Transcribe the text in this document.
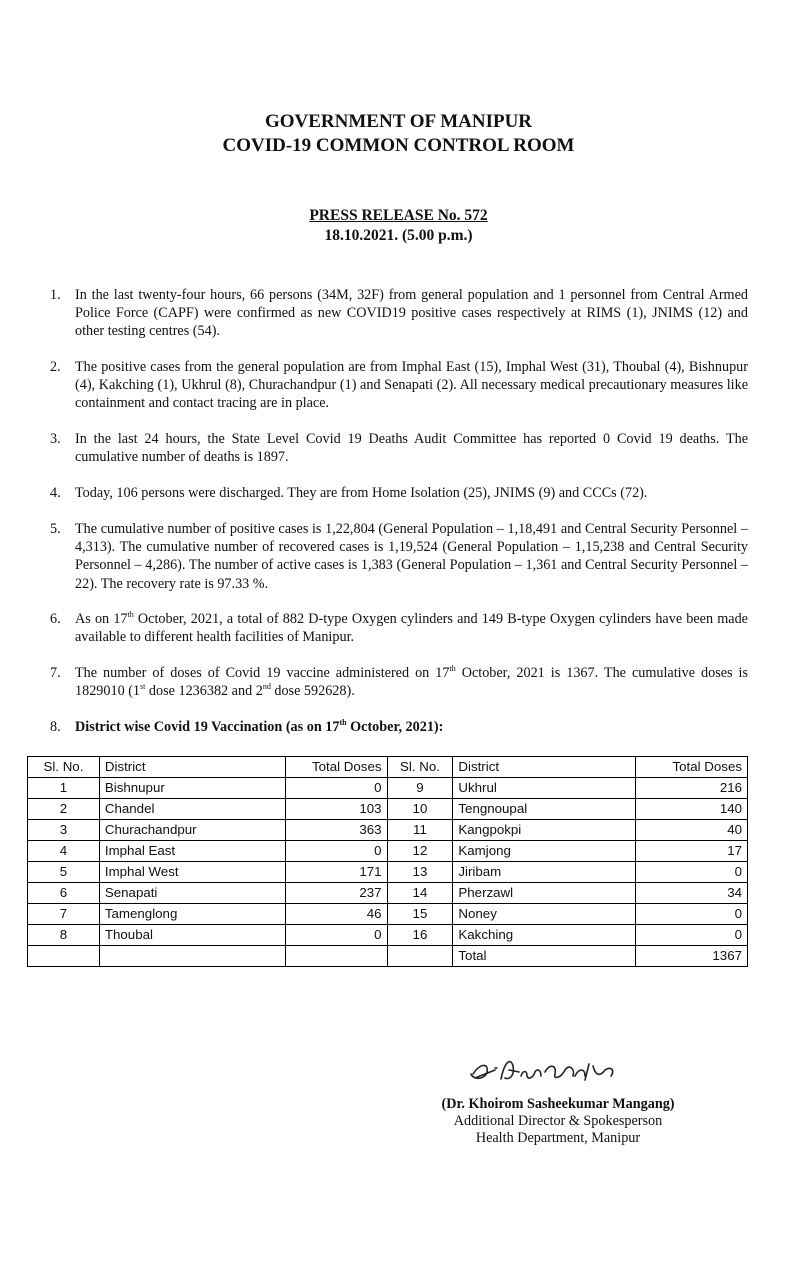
GOVERNMENT OF MANIPUR
COVID-19 COMMON CONTROL ROOM
PRESS RELEASE No. 572
18.10.2021. (5.00 p.m.)
1.	In the last twenty-four hours, 66 persons (34M, 32F) from general population and 1 personnel from Central Armed Police Force (CAPF) were confirmed as new COVID19 positive cases respectively at RIMS (1), JNIMS (12) and other testing centres (54).
2.	The positive cases from the general population are from Imphal East (15), Imphal West (31), Thoubal (4), Bishnupur (4), Kakching (1), Ukhrul (8), Churachandpur (1) and Senapati (2). All necessary medical precautionary measures like containment and contact tracing are in place.
3.	In the last 24 hours, the State Level Covid 19 Deaths Audit Committee has reported 0 Covid 19 deaths. The cumulative number of deaths is 1897.
4.	Today, 106 persons were discharged. They are from Home Isolation (25), JNIMS (9) and CCCs (72).
5.	The cumulative number of positive cases is 1,22,804 (General Population – 1,18,491 and Central Security Personnel – 4,313). The cumulative number of recovered cases is 1,19,524 (General Population – 1,15,238 and Central Security Personnel – 4,286). The number of active cases is 1,383 (General Population – 1,361 and Central Security Personnel – 22). The recovery rate is 97.33 %.
6.	As on 17th October, 2021, a total of 882 D-type Oxygen cylinders and 149 B-type Oxygen cylinders have been made available to different health facilities of Manipur.
7.	The number of doses of Covid 19 vaccine administered on 17th October, 2021 is 1367. The cumulative doses is 1829010 (1st dose 1236382 and 2nd dose 592628).
8.	District wise Covid 19 Vaccination (as on 17th October, 2021):
Sl. No.	District	Total Doses	Sl. No.	District	Total Doses
1	Bishnupur	0	9	Ukhrul	216
2	Chandel	103	10	Tengnoupal	140
3	Churachandpur	363	11	Kangpokpi	40
4	Imphal East	0	12	Kamjong	17
5	Imphal West	171	13	Jiribam	0
6	Senapati	237	14	Pherzawl	34
7	Tamenglong	46	15	Noney	0
8	Thoubal	0	16	Kakching	0
				Total	1367
(Dr. Khoirom Sasheekumar Mangang)
Additional Director & Spokesperson
Health Department, Manipur
